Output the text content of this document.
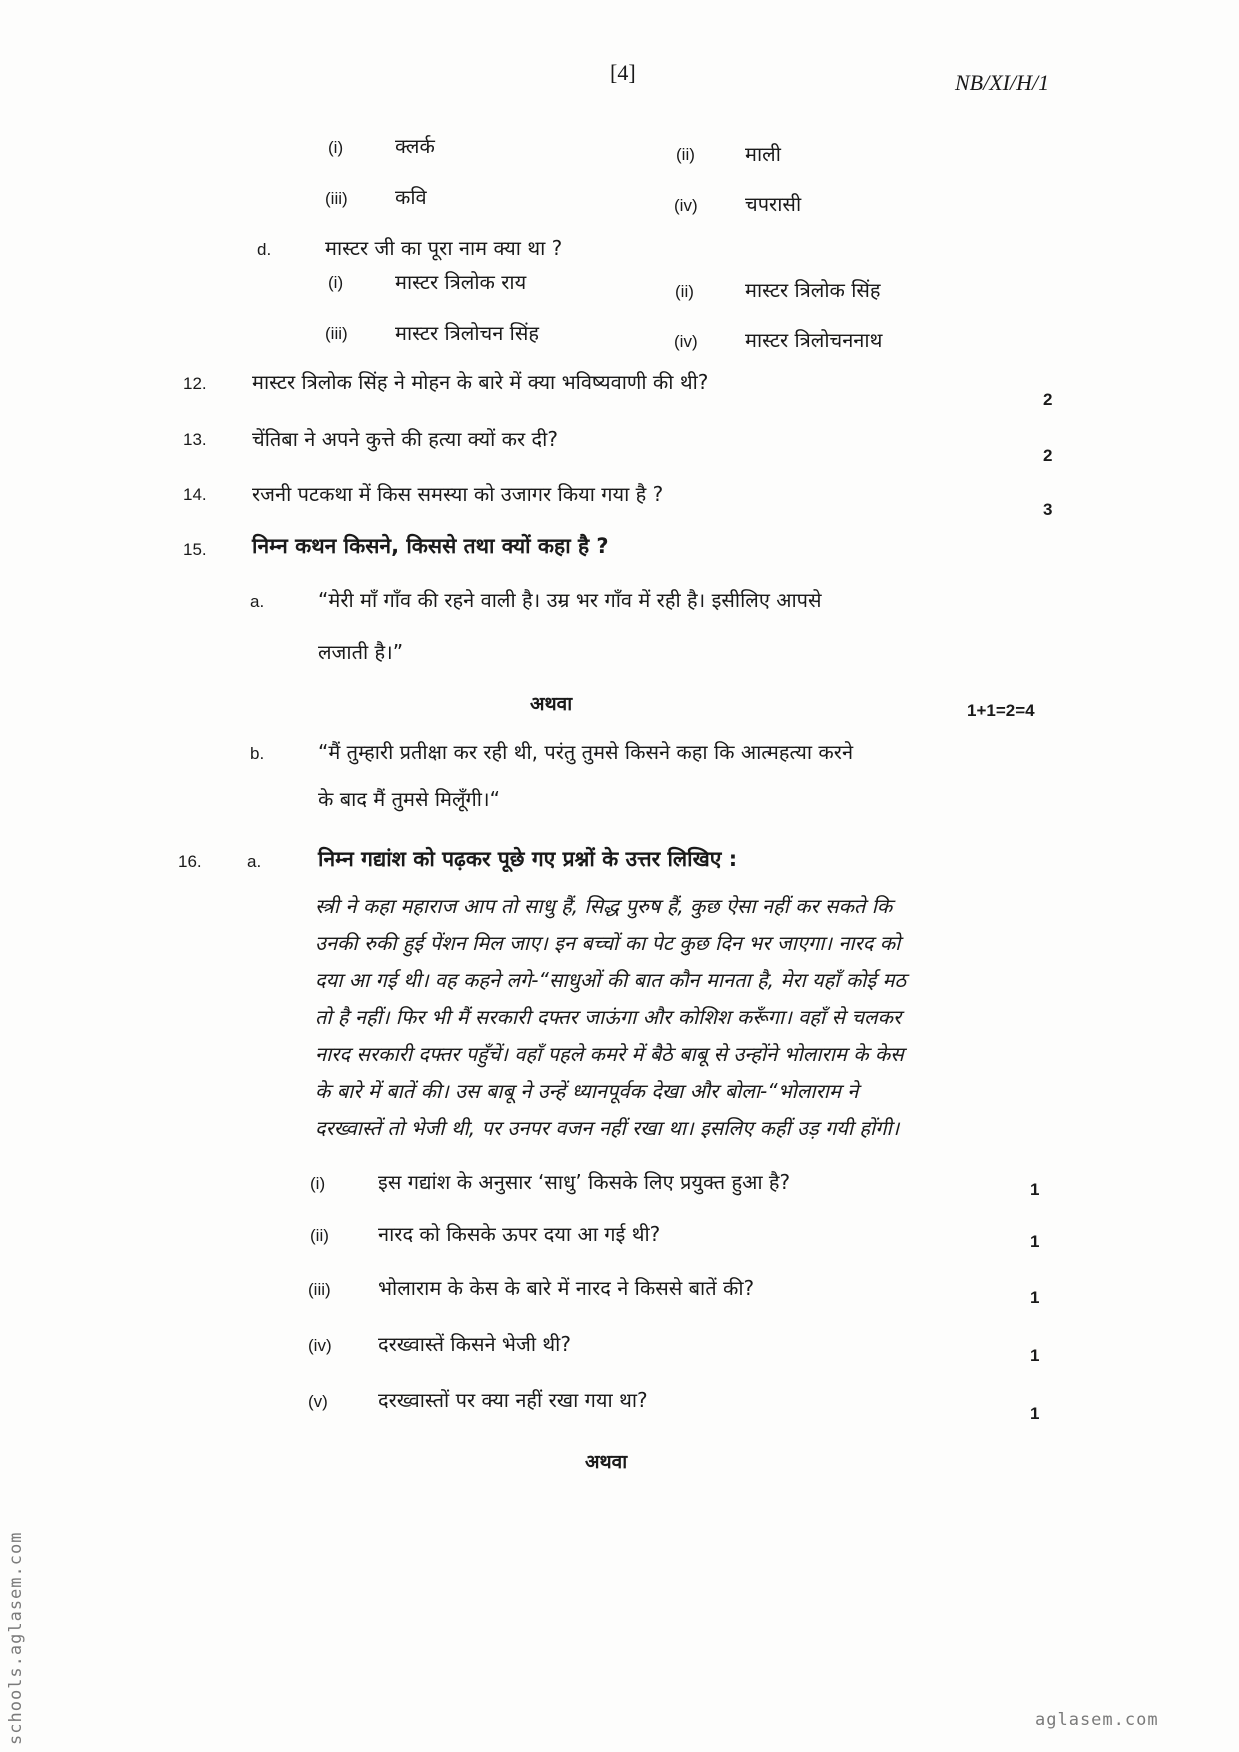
[4]	NB/XI/H/1
(i)	क्लर्क	(ii)	माली
(iii) कवि	(iv) चपरासी
d.	मास्टर जी का पूरा नाम क्या था ?
(i)	मास्टर त्रिलोक राय	(ii)	मास्टर त्रिलोक सिंह
(iii) मास्टर त्रिलोचन सिंह	(iv) मास्टर त्रिलोचननाथ
12. मास्टर त्रिलोक सिंह ने मोहन के बारे में क्या भविष्यवाणी की थी?
2
13. चेंतिबा ने अपने कुत्ते की हत्या क्यों कर दी?
2
14. रजनी पटकथा में किस समस्या को उजागर किया गया है ?
3
15. निम्न कथन किसने, किससे तथा क्यों कहा है ?
a.	“मेरी माँ गाँव की रहने वाली है। उम्र भर गाँव में रही है। इसीलिए आपसे
लजाती है।”
अथवा	1+1=2=4
b.	“मैं तुम्हारी प्रतीक्षा कर रही थी, परंतु तुमसे किसने कहा कि आत्महत्या करने
के बाद मैं तुमसे मिलूँगी।“
16.	a.	निम्न गद्यांश को पढ़कर पूछे गए प्रश्नों के उत्तर लिखिए :
स्त्री ने कहा महाराज आप तो साधु हैं, सिद्ध पुरुष हैं, कुछ ऐसा नहीं कर सकते कि
उनकी रुकी हुई पेंशन मिल जाए। इन बच्चों का पेट कुछ दिन भर जाएगा। नारद को
दया आ गई थी। वह कहने लगे-“साधुओं की बात कौन मानता है, मेरा यहाँ कोई मठ
तो है नहीं। फिर भी मैं सरकारी दफ्तर जाऊंगा और कोशिश करूँगा। वहाँ से चलकर
नारद सरकारी दफ्तर पहुँचें। वहाँ पहले कमरे में बैठे बाबू से उन्होंने भोलाराम के केस
के बारे में बातें की। उस बाबू ने उन्हें ध्यानपूर्वक देखा और बोला-“भोलाराम ने
दरख्वास्तें तो भेजी थी, पर उनपर वजन नहीं रखा था। इसलिए कहीं उड़ गयी होंगी।
(i)	इस गद्यांश के अनुसार ‘साधु’ किसके लिए प्रयुक्त हुआ है?	1
(ii) नारद को किसके ऊपर दया आ गई थी?	1
(iii) भोलाराम के केस के बारे में नारद ने किससे बातें की?	1
(iv) दरख्वास्तें किसने भेजी थी?	1
(v)	दरख्वास्तों पर क्या नहीं रखा गया था?
1
अथवा
schools.aglasem.com	aglasem.com
